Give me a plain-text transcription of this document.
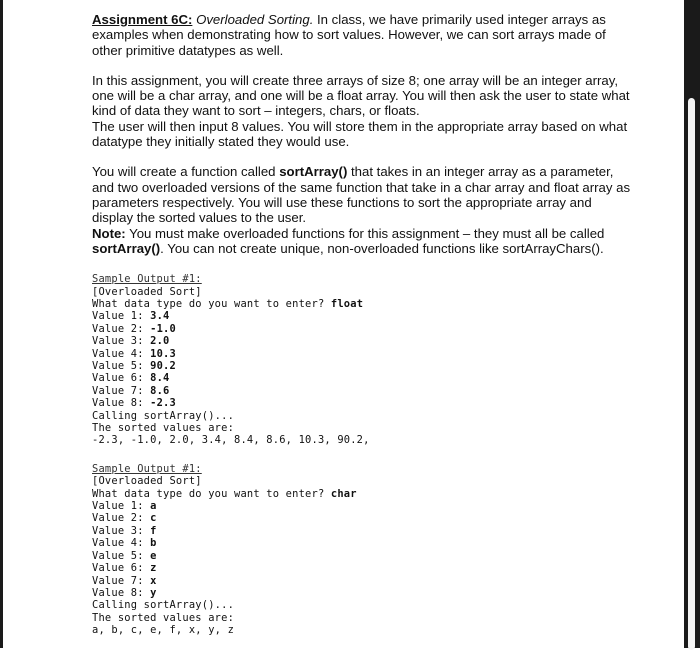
Assignment 6C: Overloaded Sorting. In class, we have primarily used integer arrays as examples when demonstrating how to sort values. However, we can sort arrays made of other primitive datatypes as well.

In this assignment, you will create three arrays of size 8; one array will be an integer array, one will be a char array, and one will be a float array. You will then ask the user to state what kind of data they want to sort – integers, chars, or floats.

The user will then input 8 values. You will store them in the appropriate array based on what datatype they initially stated they would use.

You will create a function called sortArray() that takes in an integer array as a parameter, and two overloaded versions of the same function that take in a char array and float array as parameters respectively. You will use these functions to sort the appropriate array and display the sorted values to the user.
Note: You must make overloaded functions for this assignment – they must all be called sortArray(). You can not create unique, non-overloaded functions like sortArrayChars().

Sample Output #1:
[Overloaded Sort]
What data type do you want to enter? float
Value 1: 3.4
Value 2: -1.0
Value 3: 2.0
Value 4: 10.3
Value 5: 90.2
Value 6: 8.4
Value 7: 8.6
Value 8: -2.3
Calling sortArray()...
The sorted values are:
-2.3, -1.0, 2.0, 3.4, 8.4, 8.6, 10.3, 90.2,
Sample Output #1:
[Overloaded Sort]
What data type do you want to enter? char
Value 1: a
Value 2: c
Value 3: f
Value 4: b
Value 5: e
Value 6: z
Value 7: x
Value 8: y
Calling sortArray()...
The sorted values are:
a, b, c, e, f, x, y, z
